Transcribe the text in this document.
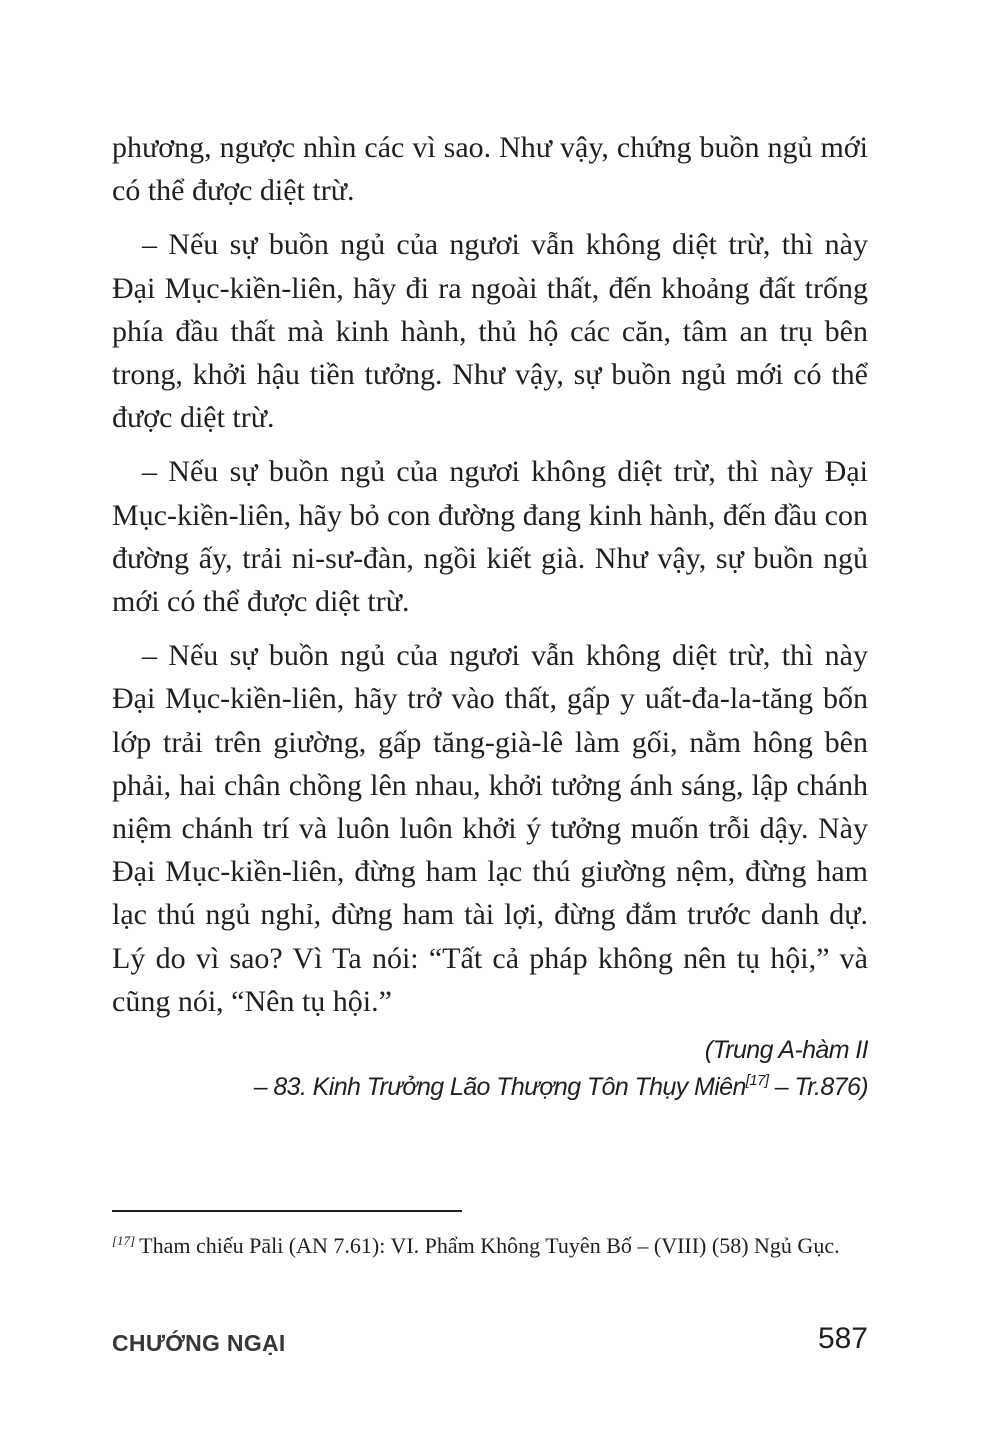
phương, ngược nhìn các vì sao. Như vậy, chứng buồn ngủ mới có thể được diệt trừ.

– Nếu sự buồn ngủ của ngươi vẫn không diệt trừ, thì này Đại Mục-kiền-liên, hãy đi ra ngoài thất, đến khoảng đất trống phía đầu thất mà kinh hành, thủ hộ các căn, tâm an trụ bên trong, khởi hậu tiền tưởng. Như vậy, sự buồn ngủ mới có thể được diệt trừ.

– Nếu sự buồn ngủ của ngươi không diệt trừ, thì này Đại Mục-kiền-liên, hãy bỏ con đường đang kinh hành, đến đầu con đường ấy, trải ni-sư-đàn, ngồi kiết già. Như vậy, sự buồn ngủ mới có thể được diệt trừ.

– Nếu sự buồn ngủ của ngươi vẫn không diệt trừ, thì này Đại Mục-kiền-liên, hãy trở vào thất, gấp y uất-đa-la-tăng bốn lớp trải trên giường, gấp tăng-già-lê làm gối, nằm hông bên phải, hai chân chồng lên nhau, khởi tưởng ánh sáng, lập chánh niệm chánh trí và luôn luôn khởi ý tưởng muốn trỗi dậy. Này Đại Mục-kiền-liên, đừng ham lạc thú giường nệm, đừng ham lạc thú ngủ nghỉ, đừng ham tài lợi, đừng đắm trước danh dự. Lý do vì sao? Vì Ta nói: “Tất cả pháp không nên tụ hội,” và cũng nói, “Nên tụ hội.”

(Trung A-hàm II
– 83. Kinh Trưởng Lão Thượng Tôn Thụy Miên[17] – Tr.876)
[17] Tham chiếu Pāli (AN 7.61): VI. Phẩm Không Tuyên Bố – (VIII) (58) Ngủ Gục.
CHƯỚNG NGẠI	587
